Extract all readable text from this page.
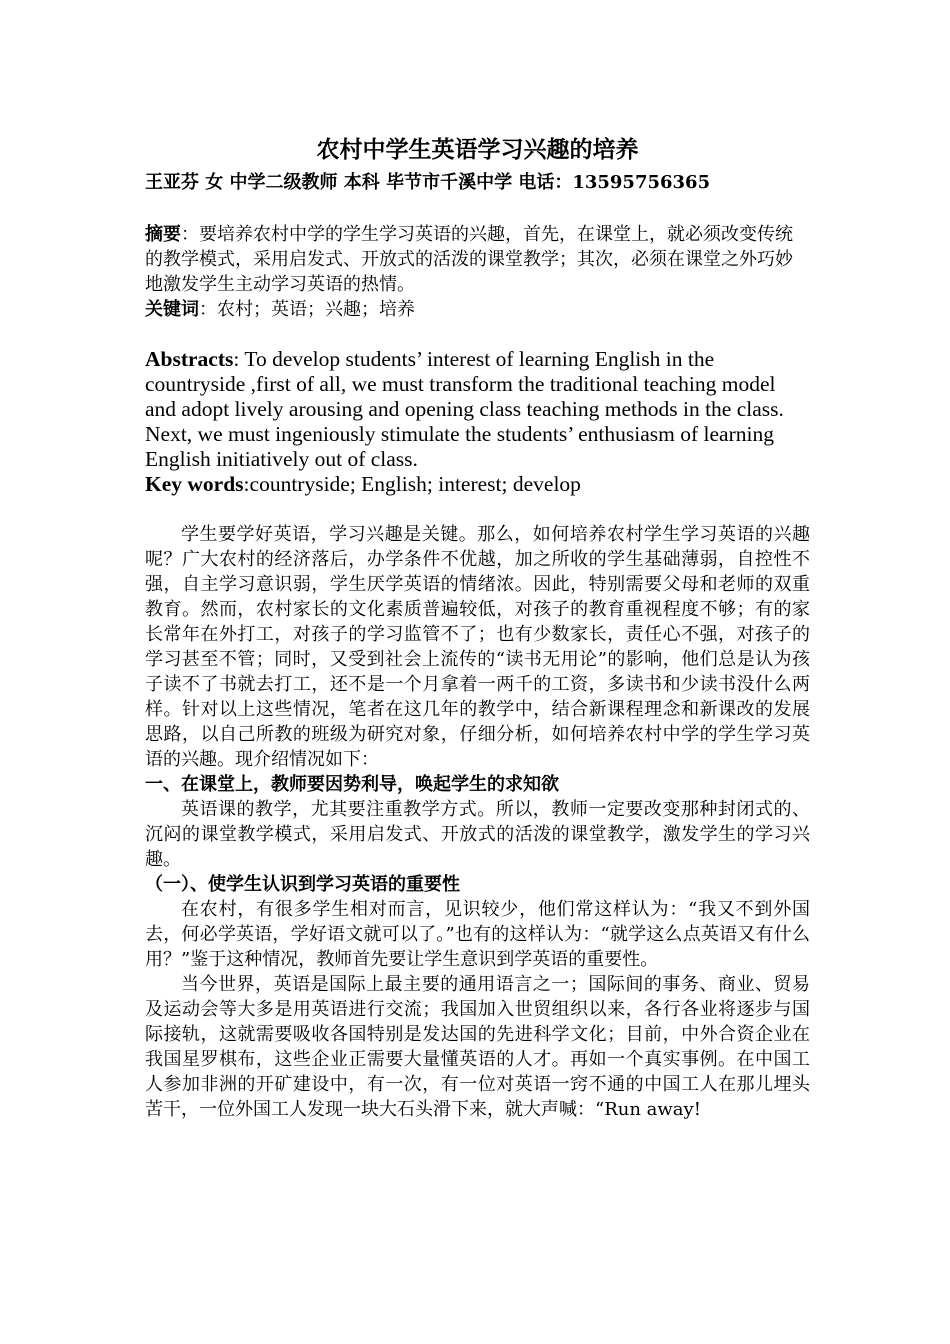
农村中学生英语学习兴趣的培养

王亚芬 女 中学二级教师 本科 毕节市千溪中学 电话：13595756365

摘要：要培养农村中学的学生学习英语的兴趣，首先，在课堂上，就必须改变传统的教学模式，采用启发式、开放式的活泼的课堂教学；其次，必须在课堂之外巧妙地激发学生主动学习英语的热情。

关键词：农村；英语；兴趣；培养

Abstracts: To develop students’ interest of learning English in the countryside ,first of all, we must transform the traditional teaching model and adopt lively arousing and opening class teaching methods in the class. Next, we must ingeniously stimulate the students’ enthusiasm of learning English initiatively out of class.

Key words:countryside; English; interest; develop

学生要学好英语，学习兴趣是关键。那么，如何培养农村学生学习英语的兴趣呢？广大农村的经济落后，办学条件不优越，加之所收的学生基础薄弱，自控性不强，自主学习意识弱，学生厌学英语的情绪浓。因此，特别需要父母和老师的双重教育。然而，农村家长的文化素质普遍较低，对孩子的教育重视程度不够；有的家长常年在外打工，对孩子的学习监管不了；也有少数家长，责任心不强，对孩子的学习甚至不管；同时，又受到社会上流传的“读书无用论”的影响，他们总是认为孩子读不了书就去打工，还不是一个月拿着一两千的工资，多读书和少读书没什么两样。针对以上这些情况，笔者在这几年的教学中，结合新课程理念和新课改的发展思路，以自己所教的班级为研究对象，仔细分析，如何培养农村中学的学生学习英语的兴趣。现介绍情况如下：

一、在课堂上，教师要因势利导，唤起学生的求知欲

英语课的教学，尤其要注重教学方式。所以，教师一定要改变那种封闭式的、沉闷的课堂教学模式，采用启发式、开放式的活泼的课堂教学，激发学生的学习兴趣。

（一）、使学生认识到学习英语的重要性

在农村，有很多学生相对而言，见识较少，他们常这样认为：“我又不到外国去，何必学英语，学好语文就可以了。”也有的这样认为：“就学这么点英语又有什么用？”鉴于这种情况，教师首先要让学生意识到学英语的重要性。

当今世界，英语是国际上最主要的通用语言之一；国际间的事务、商业、贸易及运动会等大多是用英语进行交流；我国加入世贸组织以来，各行各业将逐步与国际接轨，这就需要吸收各国特别是发达国的先进科学文化；目前，中外合资企业在我国星罗棋布，这些企业正需要大量懂英语的人才。再如一个真实事例。在中国工人参加非洲的开矿建设中，有一次，有一位对英语一窍不通的中国工人在那儿埋头苦干，一位外国工人发现一块大石头滑下来，就大声喊：“Run away!
